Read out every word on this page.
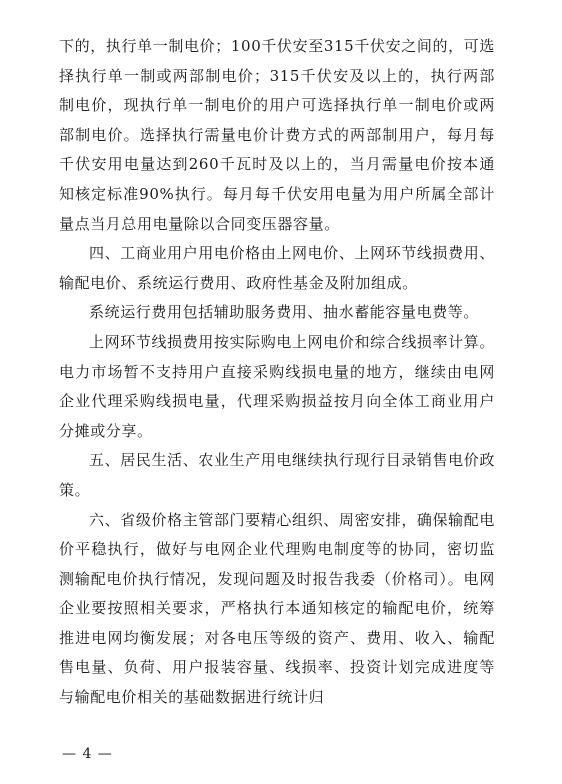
下的，执行单一制电价；100千伏安至315千伏安之间的，可选择执行单一制或两部制电价；315千伏安及以上的，执行两部制电价，现执行单一制电价的用户可选择执行单一制电价或两部制电价。选择执行需量电价计费方式的两部制用户，每月每千伏安用电量达到260千瓦时及以上的，当月需量电价按本通知核定标准90%执行。每月每千伏安用电量为用户所属全部计量点当月总用电量除以合同变压器容量。

四、工商业用户用电价格由上网电价、上网环节线损费用、输配电价、系统运行费用、政府性基金及附加组成。

系统运行费用包括辅助服务费用、抽水蓄能容量电费等。

上网环节线损费用按实际购电上网电价和综合线损率计算。电力市场暂不支持用户直接采购线损电量的地方，继续由电网企业代理采购线损电量，代理采购损益按月向全体工商业用户分摊或分享。

五、居民生活、农业生产用电继续执行现行目录销售电价政策。

六、省级价格主管部门要精心组织、周密安排，确保输配电价平稳执行，做好与电网企业代理购电制度等的协同，密切监测输配电价执行情况，发现问题及时报告我委（价格司）。电网企业要按照相关要求，严格执行本通知核定的输配电价，统筹推进电网均衡发展；对各电压等级的资产、费用、收入、输配售电量、负荷、用户报装容量、线损率、投资计划完成进度等与输配电价相关的基础数据进行统计归

— 4 —
